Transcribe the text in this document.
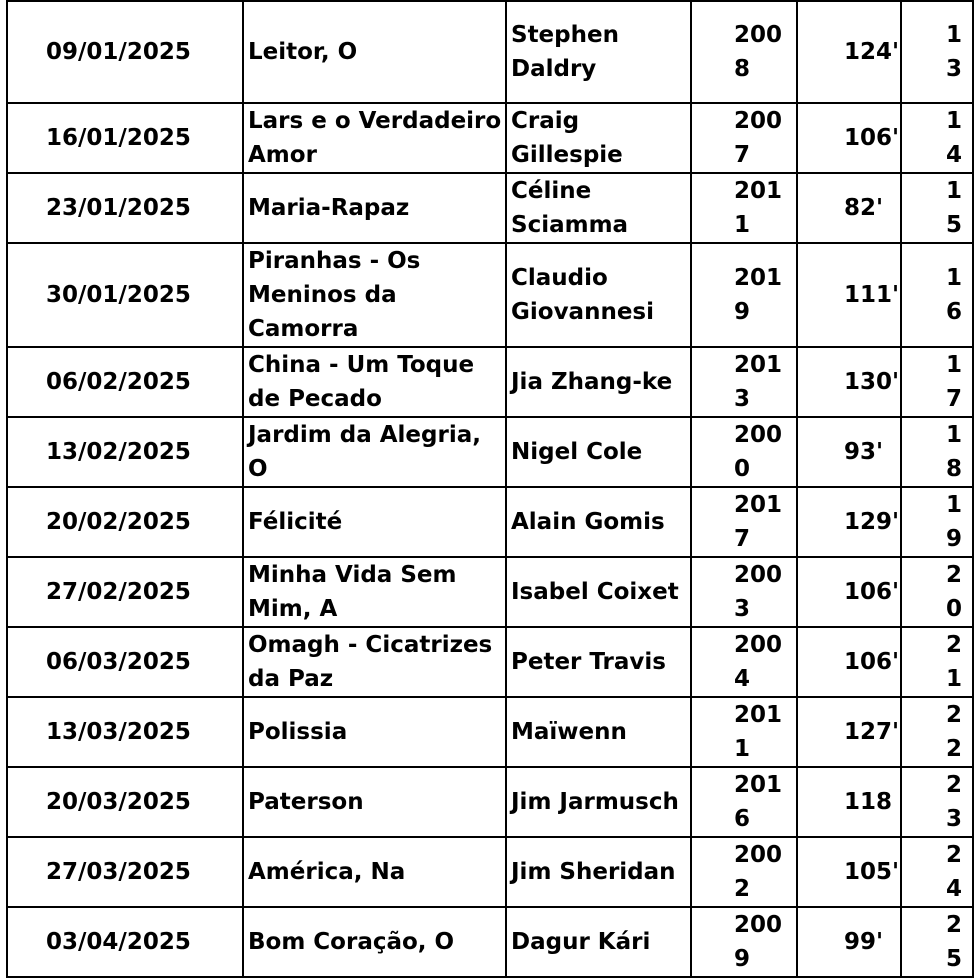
09/01/2025	Leitor, O	Stephen Daldry	2008	124'	13
16/01/2025	Lars e o Verdadeiro Amor	Craig Gillespie	2007	106'	14
23/01/2025	Maria-Rapaz	Céline Sciamma	2011	82'	15
30/01/2025	Piranhas - Os Meninos da Camorra	Claudio Giovannesi	2019	111'	16
06/02/2025	China - Um Toque de Pecado	Jia Zhang-ke	2013	130'	17
13/02/2025	Jardim da Alegria, O	Nigel Cole	2000	93'	18
20/02/2025	Félicité	Alain Gomis	2017	129'	19
27/02/2025	Minha Vida Sem Mim, A	Isabel Coixet	2003	106'	20
06/03/2025	Omagh - Cicatrizes da Paz	Peter Travis	2004	106'	21
13/03/2025	Polissia	Maïwenn	2011	127'	22
20/03/2025	Paterson	Jim Jarmusch	2016	118	23
27/03/2025	América, Na	Jim Sheridan	2002	105'	24
03/04/2025	Bom Coração, O	Dagur Kári	2009	99'	25
